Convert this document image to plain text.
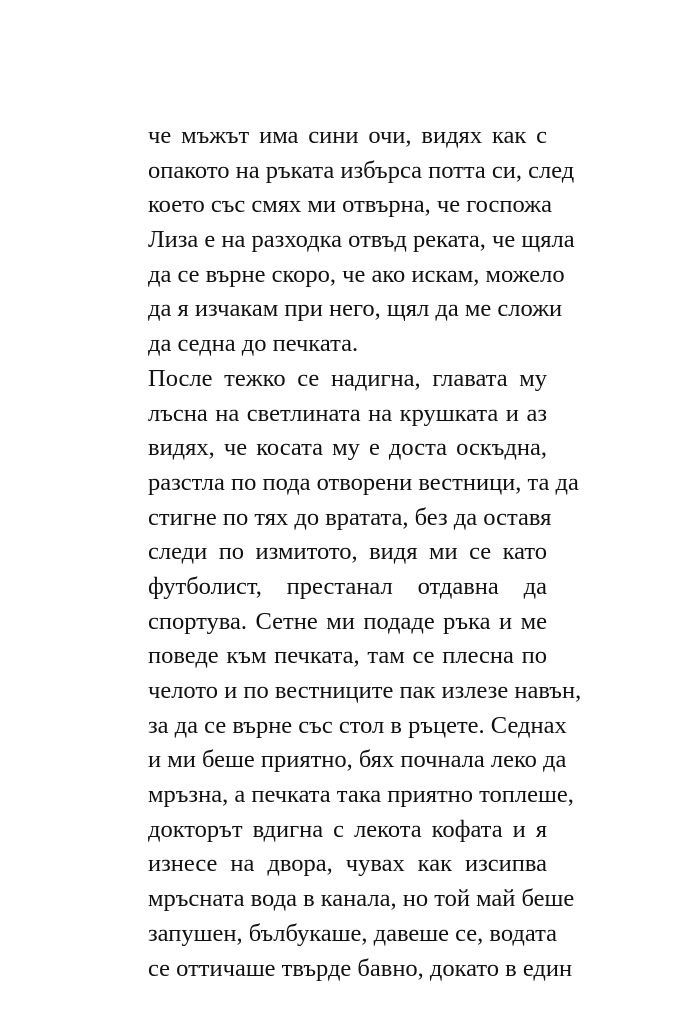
че мъжът има сини очи, видях как с
опакото на ръката избърса потта си, след
което със смях ми отвърна, че госпожа
Лиза е на разходка отвъд реката, че щяла
да се върне скоро, че ако искам, можело
да я изчакам при него, щял да ме сложи
да седна до печката.
После тежко се надигна, главата му
лъсна на светлината на крушката и аз
видях, че косата му е доста оскъдна,
разстла по пода отворени вестници, та да
стигне по тях до вратата, без да оставя
следи по измитото, видя ми се като
футболист, престанал отдавна да
спортува. Сетне ми подаде ръка и ме
поведе към печката, там се плесна по
челото и по вестниците пак излезе навън,
за да се върне със стол в ръцете. Седнах
и ми беше приятно, бях почнала леко да
мръзна, а печката така приятно топлеше,
докторът вдигна с лекота кофата и я
изнесе на двора, чувах как изсипва
мръсната вода в канала, но той май беше
запушен, бълбукаше, давеше се, водата
се оттичаше твърде бавно, докато в един
